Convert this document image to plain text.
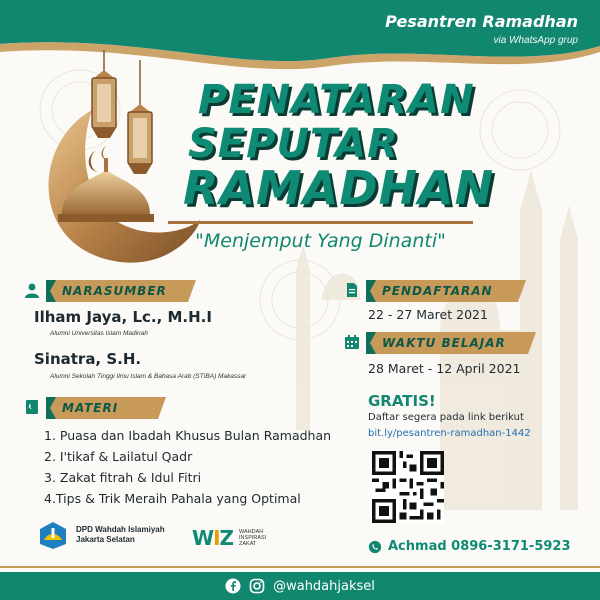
Pesantren Ramadhan
via WhatsApp grup
PENATARAN
SEPUTAR
RAMADHAN
"Menjemput Yang Dinanti"
NARASUMBER
Ilham Jaya, Lc., M.H.I
Alumni Universitas Islam Madinah
Sinatra, S.H.
Alumni Sekolah Tinggi Ilmu Islam & Bahasa Arab (STIBA) Makassar
PENDAFTARAN
22 - 27 Maret 2021
WAKTU BELAJAR
28 Maret - 12 April 2021
MATERI
1. Puasa dan Ibadah Khusus Bulan Ramadhan
2. I'tikaf & Lailatul Qadr
3. Zakat fitrah & Idul Fitri
4.Tips & Trik Meraih Pahala yang Optimal
GRATIS!
Daftar segera pada link berikut
bit.ly/pesantren-ramadhan-1442
Achmad 0896-3171-5923
DPD Wahdah Islamiyah
Jakarta Selatan	WIZ WAHDAH
INSPIRASI
ZAKAT
@wahdahjaksel
